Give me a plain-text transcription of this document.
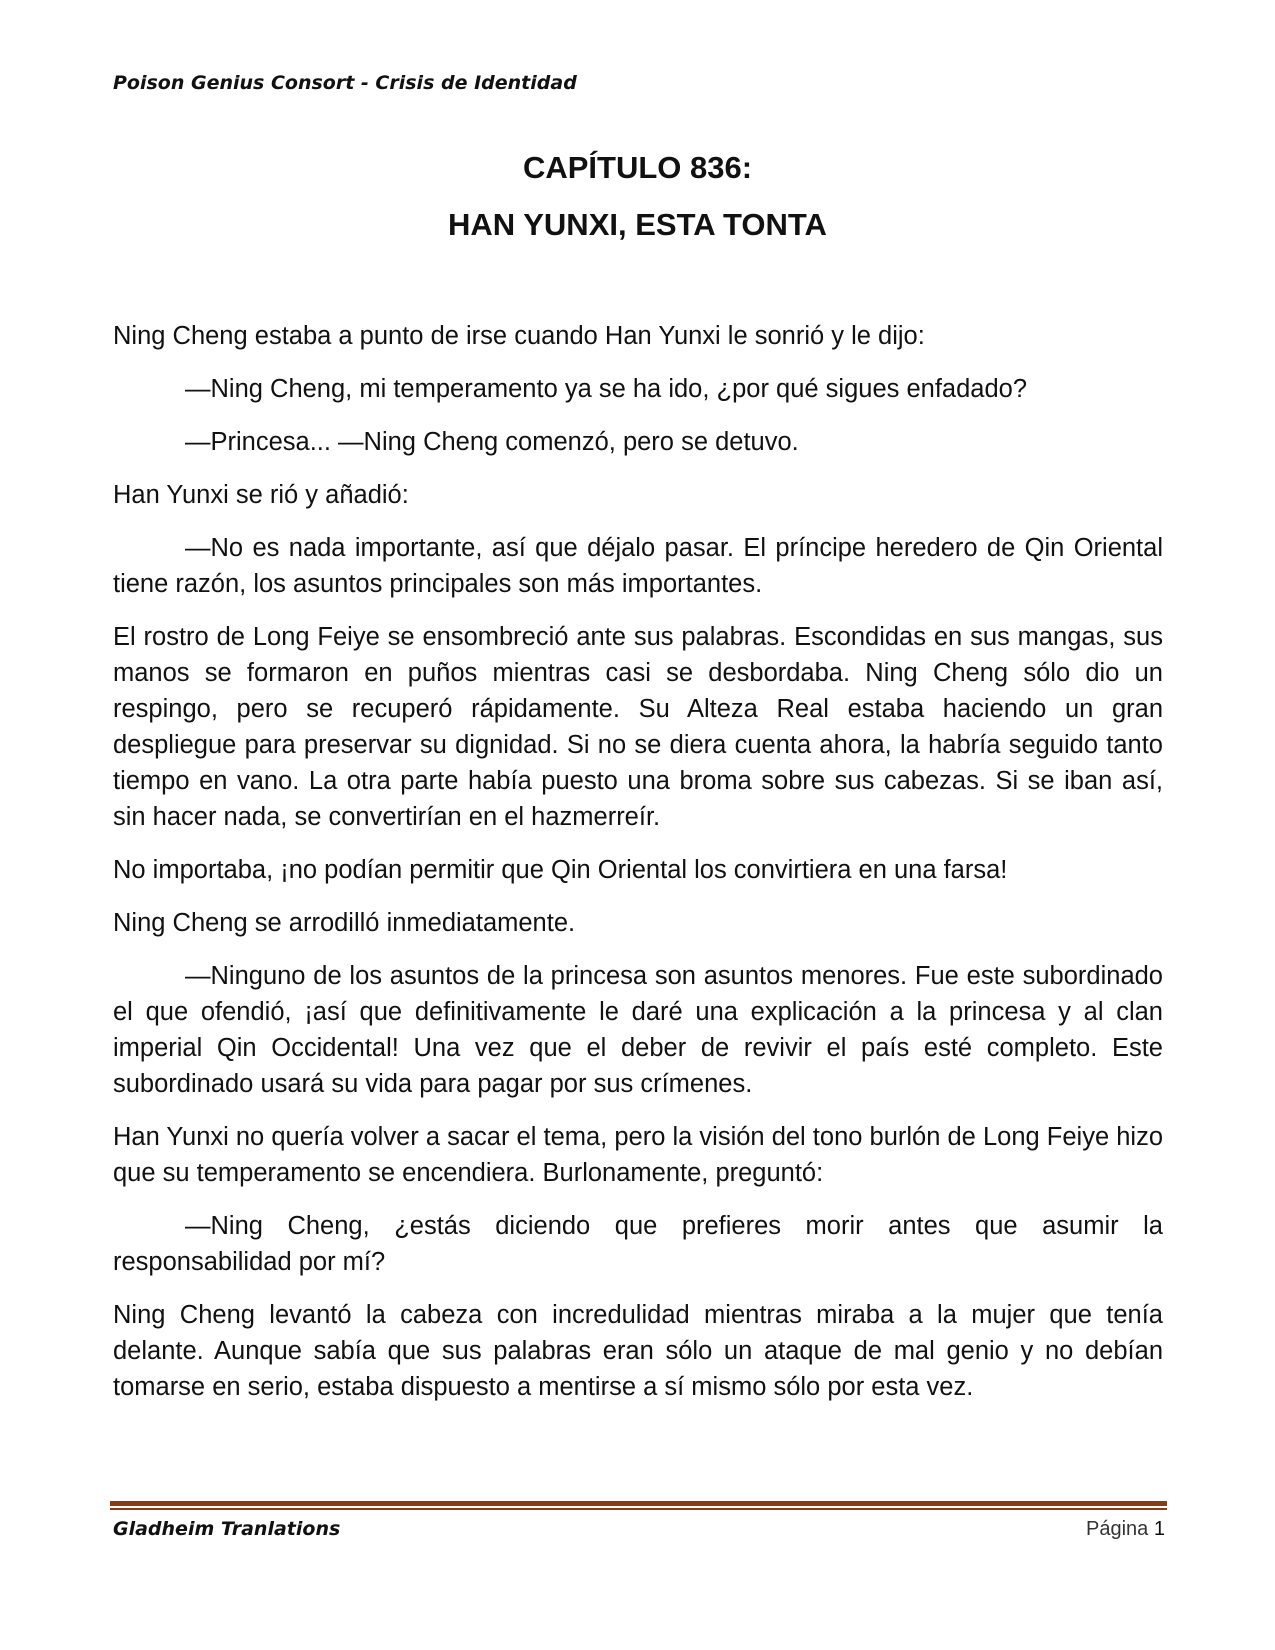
Poison Genius Consort - Crisis de Identidad
CAPÍTULO 836:
HAN YUNXI, ESTA TONTA

Ning Cheng estaba a punto de irse cuando Han Yunxi le sonrió y le dijo:

—Ning Cheng, mi temperamento ya se ha ido, ¿por qué sigues enfadado?

—Princesa... —Ning Cheng comenzó, pero se detuvo.

Han Yunxi se rió y añadió:

—No es nada importante, así que déjalo pasar. El príncipe heredero de Qin Oriental tiene razón, los asuntos principales son más importantes.

El rostro de Long Feiye se ensombreció ante sus palabras. Escondidas en sus mangas, sus manos se formaron en puños mientras casi se desbordaba. Ning Cheng sólo dio un respingo, pero se recuperó rápidamente. Su Alteza Real estaba haciendo un gran despliegue para preservar su dignidad. Si no se diera cuenta ahora, la habría seguido tanto tiempo en vano. La otra parte había puesto una broma sobre sus cabezas. Si se iban así, sin hacer nada, se convertirían en el hazmerreír.

No importaba, ¡no podían permitir que Qin Oriental los convirtiera en una farsa!

Ning Cheng se arrodilló inmediatamente.

—Ninguno de los asuntos de la princesa son asuntos menores. Fue este subordinado el que ofendió, ¡así que definitivamente le daré una explicación a la princesa y al clan imperial Qin Occidental! Una vez que el deber de revivir el país esté completo. Este subordinado usará su vida para pagar por sus crímenes.

Han Yunxi no quería volver a sacar el tema, pero la visión del tono burlón de Long Feiye hizo que su temperamento se encendiera. Burlonamente, preguntó:

—Ning Cheng, ¿estás diciendo que prefieres morir antes que asumir la responsabilidad por mí?

Ning Cheng levantó la cabeza con incredulidad mientras miraba a la mujer que tenía delante. Aunque sabía que sus palabras eran sólo un ataque de mal genio y no debían tomarse en serio, estaba dispuesto a mentirse a sí mismo sólo por esta vez.

Gladheim Tranlations	Página 1
